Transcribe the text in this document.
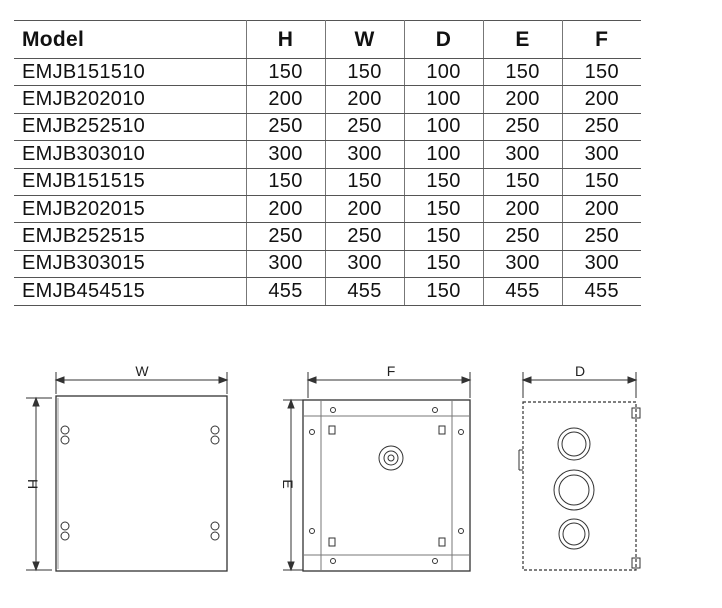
Model	H	W	D	E	F
EMJB151510	150	150	100	150	150
EMJB202010	200	200	100	200	200
EMJB252510	250	250	100	250	250
EMJB303010	300	300	100	300	300
EMJB151515	150	150	150	150	150
EMJB202015	200	200	150	200	200
EMJB252515	250	250	150	250	250
EMJB303015	300	300	150	300	300
EMJB454515	455	455	150	455	455
W
H
F
E
D
